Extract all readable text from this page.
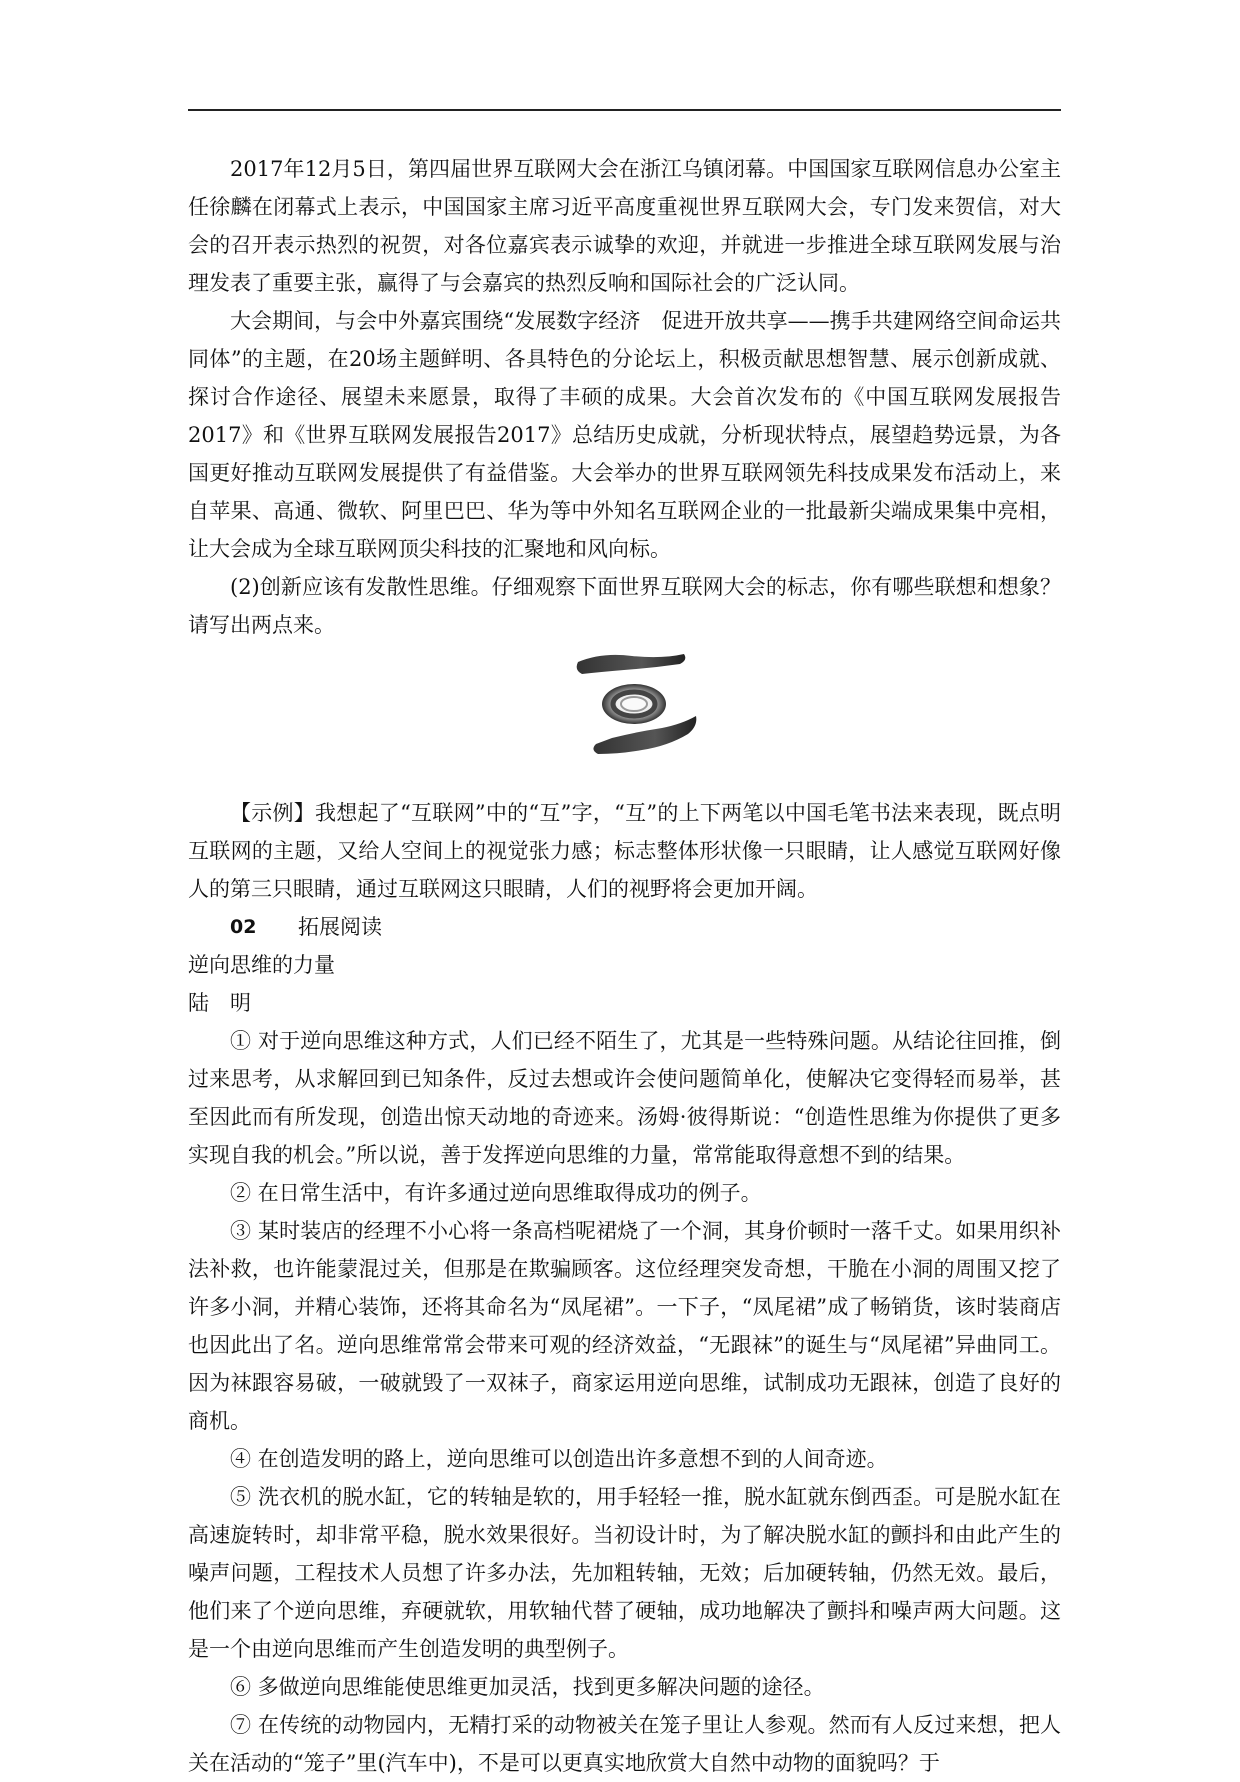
2017年12月5日，第四届世界互联网大会在浙江乌镇闭幕。中国国家互联网信息办公室主任徐麟在闭幕式上表示，中国国家主席习近平高度重视世界互联网大会，专门发来贺信，对大会的召开表示热烈的祝贺，对各位嘉宾表示诚挚的欢迎，并就进一步推进全球互联网发展与治理发表了重要主张，赢得了与会嘉宾的热烈反响和国际社会的广泛认同。

大会期间，与会中外嘉宾围绕“发展数字经济　促进开放共享——携手共建网络空间命运共同体”的主题，在20场主题鲜明、各具特色的分论坛上，积极贡献思想智慧、展示创新成就、探讨合作途径、展望未来愿景，取得了丰硕的成果。大会首次发布的《中国互联网发展报告2017》和《世界互联网发展报告2017》总结历史成就，分析现状特点，展望趋势远景，为各国更好推动互联网发展提供了有益借鉴。大会举办的世界互联网领先科技成果发布活动上，来自苹果、高通、微软、阿里巴巴、华为等中外知名互联网企业的一批最新尖端成果集中亮相，让大会成为全球互联网顶尖科技的汇聚地和风向标。

(2)创新应该有发散性思维。仔细观察下面世界互联网大会的标志，你有哪些联想和想象？请写出两点来。

【示例】我想起了“互联网”中的“互”字，“互”的上下两笔以中国毛笔书法来表现，既点明互联网的主题，又给人空间上的视觉张力感；标志整体形状像一只眼睛，让人感觉互联网好像人的第三只眼睛，通过互联网这只眼睛，人们的视野将会更加开阔。

02 拓展阅读

逆向思维的力量

陆　明

① 对于逆向思维这种方式，人们已经不陌生了，尤其是一些特殊问题。从结论往回推，倒过来思考，从求解回到已知条件，反过去想或许会使问题简单化，使解决它变得轻而易举，甚至因此而有所发现，创造出惊天动地的奇迹来。汤姆·彼得斯说：“创造性思维为你提供了更多实现自我的机会。”所以说，善于发挥逆向思维的力量，常常能取得意想不到的结果。

② 在日常生活中，有许多通过逆向思维取得成功的例子。

③ 某时装店的经理不小心将一条高档呢裙烧了一个洞，其身价顿时一落千丈。如果用织补法补救，也许能蒙混过关，但那是在欺骗顾客。这位经理突发奇想，干脆在小洞的周围又挖了许多小洞，并精心装饰，还将其命名为“凤尾裙”。一下子，“凤尾裙”成了畅销货，该时装商店也因此出了名。逆向思维常常会带来可观的经济效益，“无跟袜”的诞生与“凤尾裙”异曲同工。因为袜跟容易破，一破就毁了一双袜子，商家运用逆向思维，试制成功无跟袜，创造了良好的商机。

④ 在创造发明的路上，逆向思维可以创造出许多意想不到的人间奇迹。

⑤ 洗衣机的脱水缸，它的转轴是软的，用手轻轻一推，脱水缸就东倒西歪。可是脱水缸在高速旋转时，却非常平稳，脱水效果很好。当初设计时，为了解决脱水缸的颤抖和由此产生的噪声问题，工程技术人员想了许多办法，先加粗转轴，无效；后加硬转轴，仍然无效。最后，他们来了个逆向思维，弃硬就软，用软轴代替了硬轴，成功地解决了颤抖和噪声两大问题。这是一个由逆向思维而产生创造发明的典型例子。

⑥ 多做逆向思维能使思维更加灵活，找到更多解决问题的途径。

⑦ 在传统的动物园内，无精打采的动物被关在笼子里让人参观。然而有人反过来想，把人关在活动的“笼子”里(汽车中)，不是可以更真实地欣赏大自然中动物的面貌吗？于
